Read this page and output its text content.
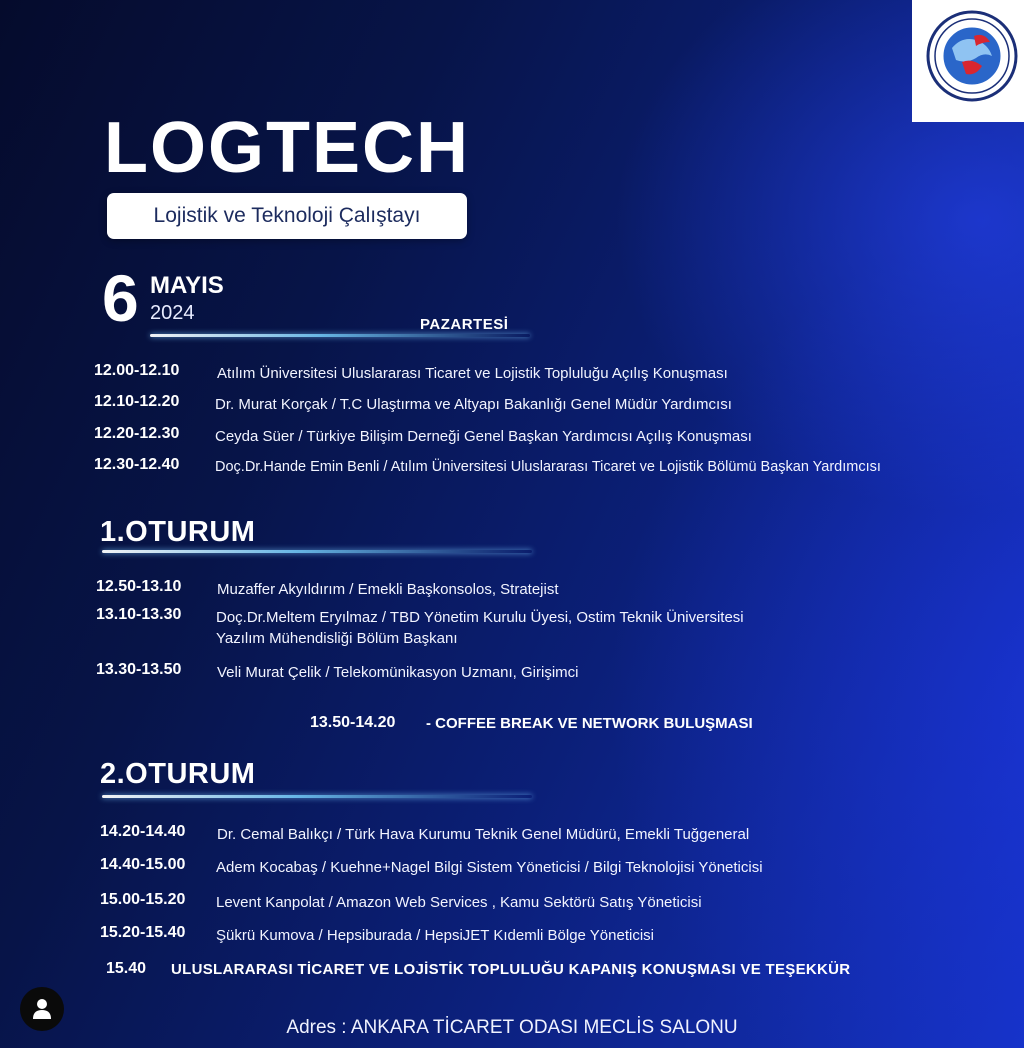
LOGTECH
Lojistik ve Teknoloji Çalıştayı
6 MAYIS
2024
PAZARTESİ
12.00-12.10	Atılım Üniversitesi Uluslararası Ticaret ve Lojistik Topluluğu Açılış Konuşması
12.10-12.20 Dr. Murat Korçak / T.C Ulaştırma ve Altyapı Bakanlığı Genel Müdür Yardımcısı
12.20-12.30 Ceyda Süer / Türkiye Bilişim Derneği Genel Başkan Yardımcısı Açılış Konuşması
12.30-12.40 Doç.Dr.Hande Emin Benli / Atılım Üniversitesi Uluslararası Ticaret ve Lojistik Bölümü Başkan Yardımcısı
1.OTURUM
12.50-13.10 Muzaffer Akyıldırım / Emekli Başkonsolos, Stratejist
13.10-13.30 Doç.Dr.Meltem Eryılmaz / TBD Yönetim Kurulu Üyesi, Ostim Teknik Üniversitesi
Yazılım Mühendisliği Bölüm Başkanı
13.30-13.50 Veli Murat Çelik / Telekomünikasyon Uzmanı, Girişimci
13.50-14.20 - COFFEE BREAK VE NETWORK BULUŞMASI
2.OTURUM
14.20-14.40 Dr. Cemal Balıkçı / Türk Hava Kurumu Teknik Genel Müdürü, Emekli Tuğgeneral
14.40-15.00 Adem Kocabaş / Kuehne+Nagel Bilgi Sistem Yöneticisi / Bilgi Teknolojisi Yöneticisi
15.00-15.20 Levent Kanpolat / Amazon Web Services , Kamu Sektörü Satış Yöneticisi
15.20-15.40 Şükrü Kumova / Hepsiburada / HepsiJET Kıdemli Bölge Yöneticisi
15.40 ULUSLARARASI TİCARET VE LOJİSTİK TOPLULUĞU KAPANIŞ KONUŞMASI VE TEŞEKKÜR
Adres : ANKARA TİCARET ODASI MECLİS SALONU
